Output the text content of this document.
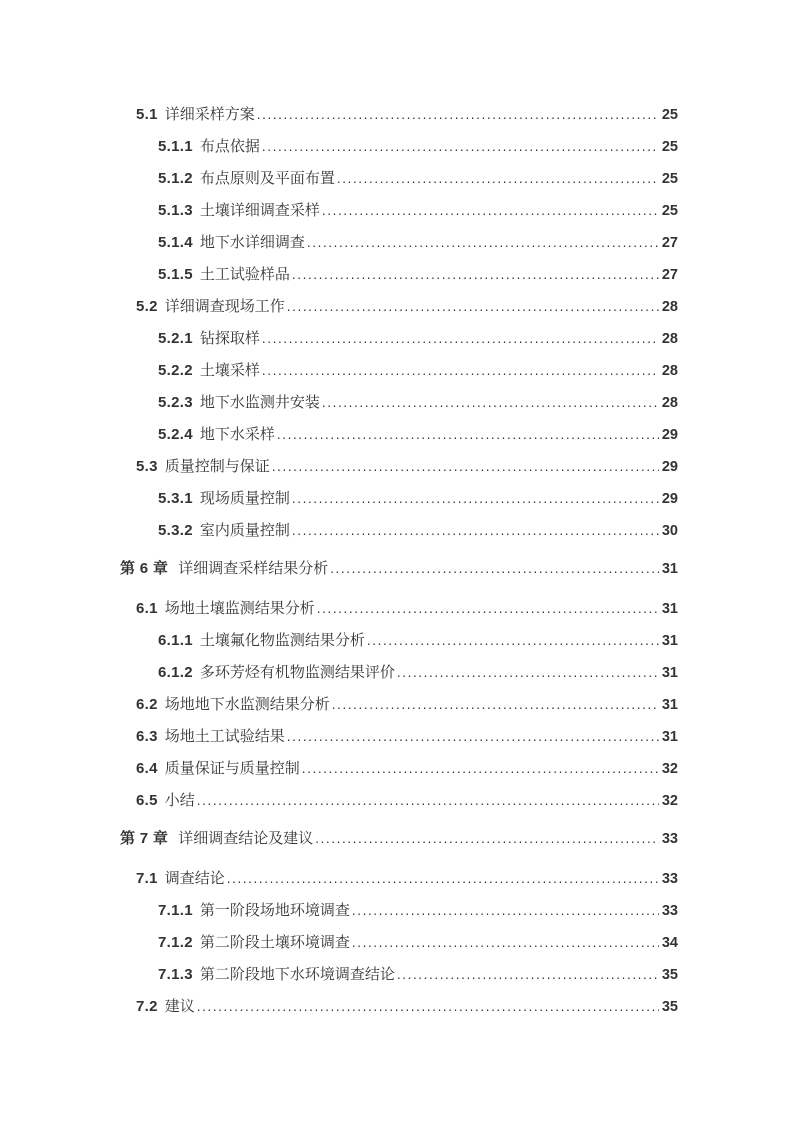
5.1 详细采样方案 .....	25
5.1.1 布点依据 .....	25
5.1.2 布点原则及平面布置 .....	25
5.1.3 土壤详细调查采样 .....	25
5.1.4 地下水详细调查 .....	27
5.1.5 土工试验样品 .....	27
5.2 详细调查现场工作 .....	28
5.2.1 钻探取样 .....	28
5.2.2 土壤采样 .....	28
5.2.3 地下水监测井安装 .....	28
5.2.4 地下水采样 .....	29
5.3 质量控制与保证 .....	29
5.3.1 现场质量控制 .....	29
5.3.2 室内质量控制 .....	30
第 6 章 详细调查采样结果分析 .....	31
6.1 场地土壤监测结果分析 .....	31
6.1.1 土壤氟化物监测结果分析 .....	31
6.1.2 多环芳烃有机物监测结果评价 .....	31
6.2 场地地下水监测结果分析 .....	31
6.3 场地土工试验结果 .....	31
6.4 质量保证与质量控制 .....	32
6.5 小结 .....	32
第 7 章 详细调查结论及建议 .....	33
7.1 调查结论 .....	33
7.1.1 第一阶段场地环境调查 .....	33
7.1.2 第二阶段土壤环境调查 .....	34
7.1.3 第二阶段地下水环境调查结论 .....	35
7.2 建议 .....	35
